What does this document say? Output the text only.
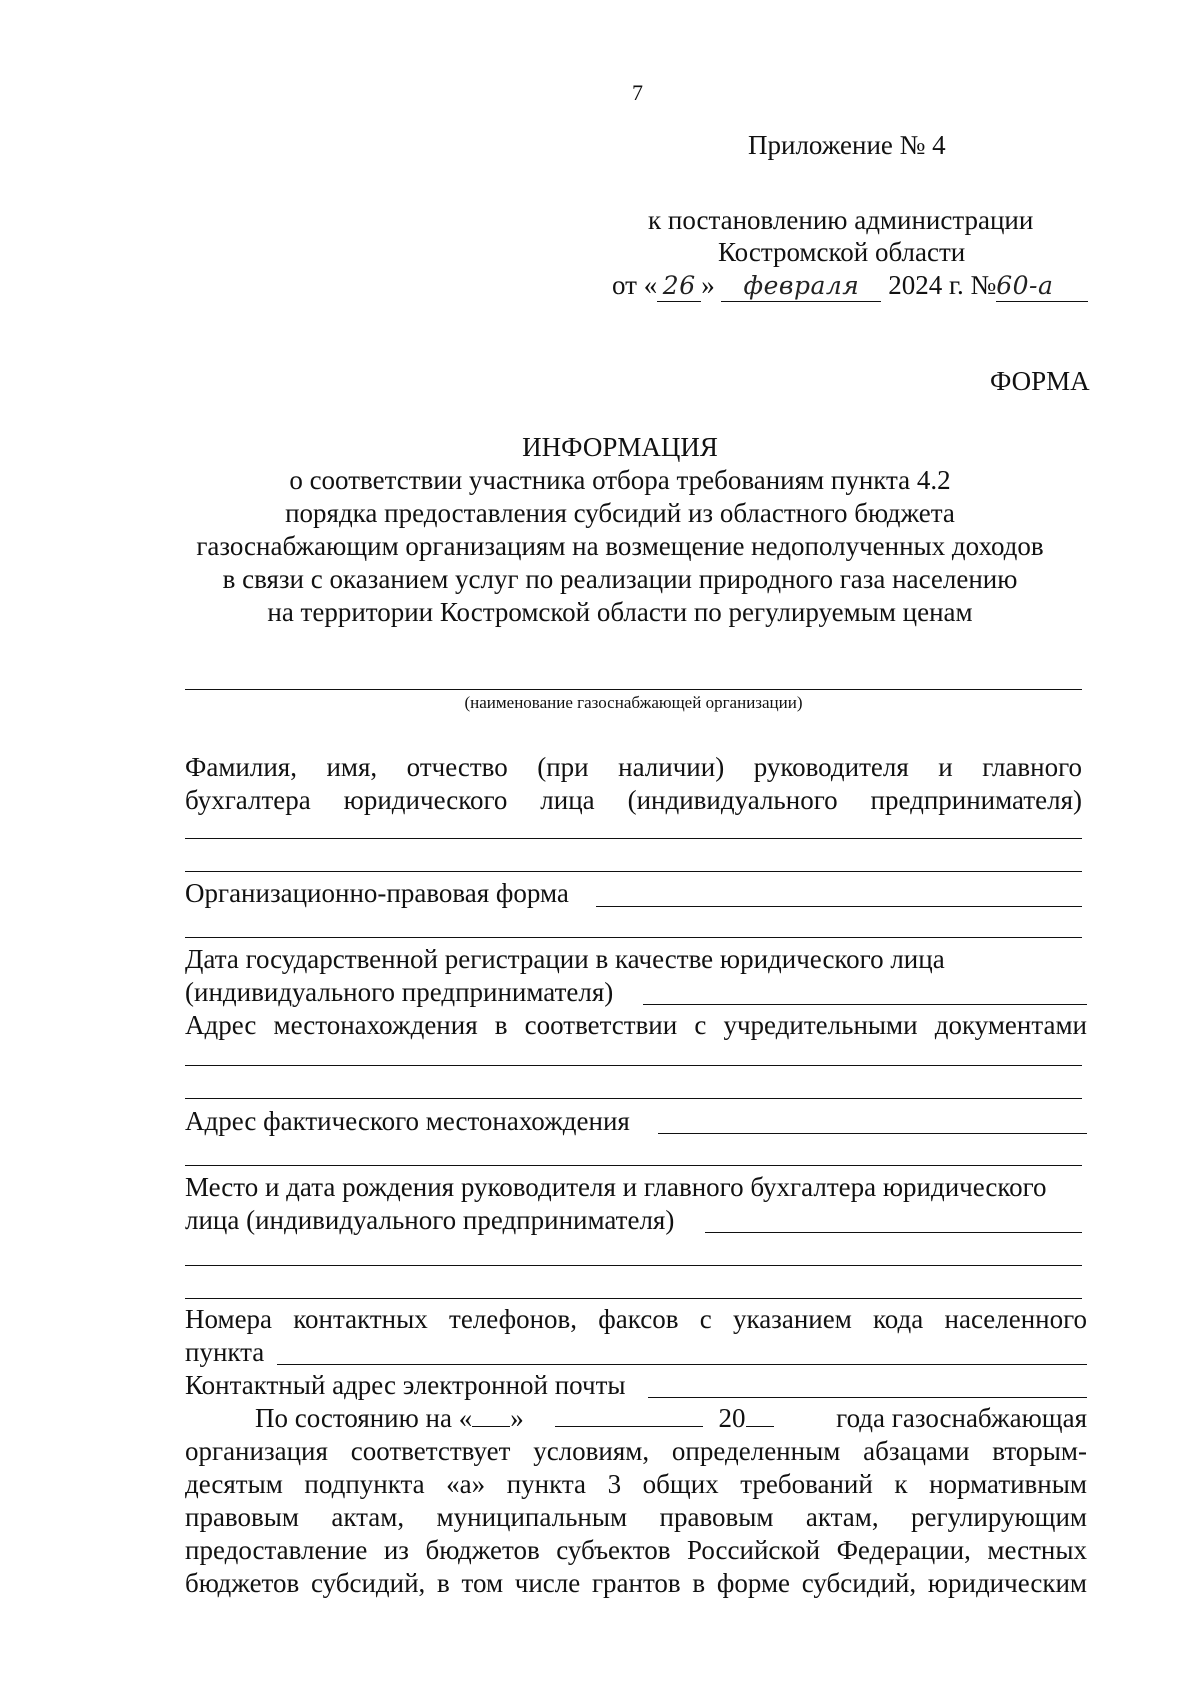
7
Приложение № 4
к постановлению администрации
Костромской области
от « 26 » февраля 2024 г. №60-а
ФОРМА
ИНФОРМАЦИЯ
о соответствии участника отбора требованиям пункта 4.2
порядка предоставления субсидий из областного бюджета
газоснабжающим организациям на возмещение недополученных доходов
в связи с оказанием услуг по реализации природного газа населению
на территории Костромской области по регулируемым ценам
(наименование газоснабжающей организации)
Фамилия, имя, отчество (при наличии) руководителя и главного
бухгалтера юридического лица (индивидуального предпринимателя)
Организационно-правовая форма
Дата государственной регистрации в качестве юридического лица
(индивидуального предпринимателя)
Адрес местонахождения в соответствии с учредительными документами
Адрес фактического местонахождения
Место и дата рождения руководителя и главного бухгалтера юридического
лица (индивидуального предпринимателя)
Номера контактных телефонов, факсов с указанием кода населенного
пункта
Контактный адрес электронной почты
По состоянию на « »	20	года газоснабжающая
организация соответствует условиям, определенным абзацами вторым-
десятым подпункта «а» пункта 3 общих требований к нормативным
правовым актам, муниципальным правовым актам, регулирующим
предоставление из бюджетов субъектов Российской Федерации, местных
бюджетов субсидий, в том числе грантов в форме субсидий, юридическим
